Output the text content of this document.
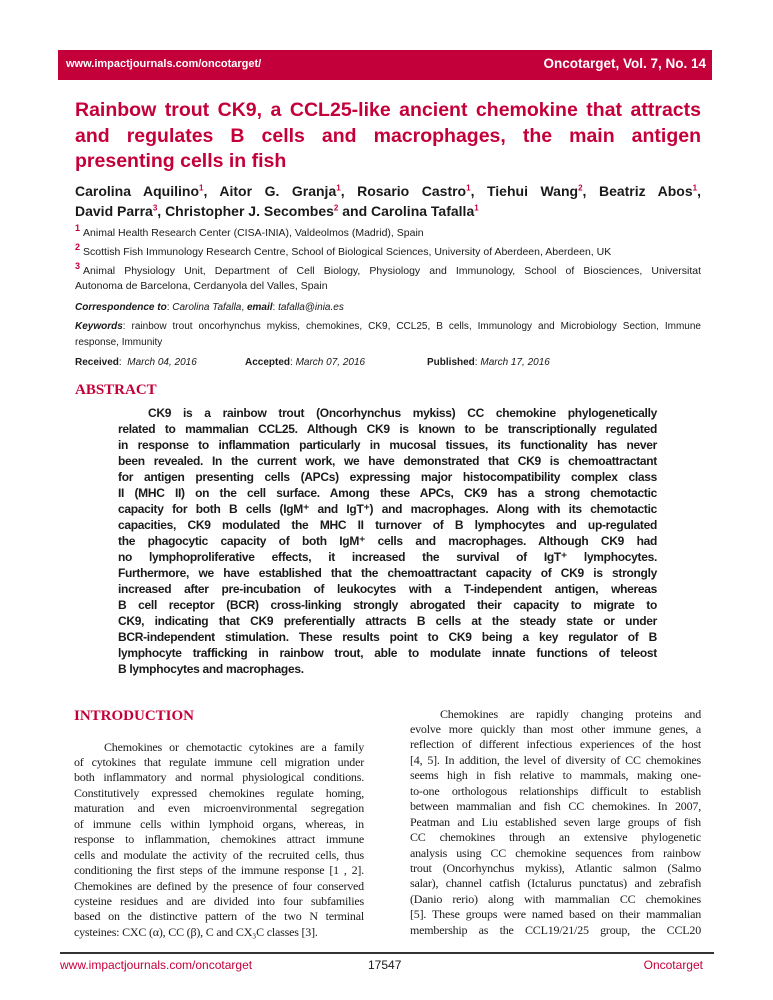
www.impactjournals.com/oncotarget/	Oncotarget, Vol. 7, No. 14
Rainbow trout CK9, a CCL25-like ancient chemokine that attracts
and regulates B cells and macrophages, the main antigen
presenting cells in fish
Carolina Aquilino$^1$, Aitor G. Granja$^1$, Rosario Castro$^1$, Tiehui Wang$^2$, Beatriz Abos$^1$,
David Parra$^3$, Christopher J. Secombes$^2$ and Carolina Tafalla$^1$
$^1$ Animal Health Research Center (CISA-INIA), Valdeolmos (Madrid), Spain
$^2$ Scottish Fish Immunology Research Centre, School of Biological Sciences, University of Aberdeen, Aberdeen, UK
$^3$ Animal Physiology Unit, Department of Cell Biology, Physiology and Immunology, School of Biosciences, Universitat
Autonoma de Barcelona, Cerdanyola del Valles, Spain
Correspondence to: Carolina Tafalla, email: tafalla@inia.es
Keywords: rainbow trout oncorhynchus mykiss, chemokines, CK9, CCL25, B cells, Immunology and Microbiology Section, Immune
response, Immunity
Received:  March 04, 2016	Accepted: March 07, 2016	Published: March 17, 2016
ABSTRACT
CK9 is a rainbow trout (Oncorhynchus mykiss) CC chemokine phylogenetically
related to mammalian CCL25. Although CK9 is known to be transcriptionally regulated
in response to inflammation particularly in mucosal tissues, its functionality has never
been revealed. In the current work, we have demonstrated that CK9 is chemoattractant
for antigen presenting cells (APCs) expressing major histocompatibility complex class
II (MHC II) on the cell surface. Among these APCs, CK9 has a strong chemotactic
capacity for both B cells (IgM⁺ and IgT⁺) and macrophages. Along with its chemotactic
capacities, CK9 modulated the MHC II turnover of B lymphocytes and up-regulated
the phagocytic capacity of both IgM⁺ cells and macrophages. Although CK9 had
no lymphoproliferative effects, it increased the survival of IgT⁺ lymphocytes.
Furthermore, we have established that the chemoattractant capacity of CK9 is strongly
increased after pre-incubation of leukocytes with a T-independent antigen, whereas
B cell receptor (BCR) cross-linking strongly abrogated their capacity to migrate to
CK9, indicating that CK9 preferentially attracts B cells at the steady state or under
BCR-independent stimulation. These results point to CK9 being a key regulator of B
lymphocyte trafficking in rainbow trout, able to modulate innate functions of teleost
B lymphocytes and macrophages.
INTRODUCTION
Chemokines or chemotactic cytokines are a family
of cytokines that regulate immune cell migration under
both inflammatory and normal physiological conditions.
Constitutively expressed chemokines regulate homing,
maturation and even microenvironmental segregation
of immune cells within lymphoid organs, whereas, in
response to inflammation, chemokines attract immune
cells and modulate the activity of the recruited cells, thus
conditioning the first steps of the immune response [1 , 2].
Chemokines are defined by the presence of four conserved
cysteine residues and are divided into four subfamilies
based on the distinctive pattern of the two N terminal
cysteines: CXC (α), CC (β), C and CX₃C classes [3].
Chemokines are rapidly changing proteins and
evolve more quickly than most other immune genes, a
reflection of different infectious experiences of the host
[4, 5]. In addition, the level of diversity of CC chemokines
seems high in fish relative to mammals, making one-
to-one orthologous relationships difficult to establish
between mammalian and fish CC chemokines. In 2007,
Peatman and Liu established seven large groups of fish
CC chemokines through an extensive phylogenetic
analysis using CC chemokine sequences from rainbow
trout (Oncorhynchus mykiss), Atlantic salmon (Salmo
salar), channel catfish (Ictalurus punctatus) and zebrafish
(Danio rerio) along with mammalian CC chemokines
[5]. These groups were named based on their mammalian
membership as the CCL19/21/25 group, the CCL20
www.impactjournals.com/oncotarget	17547	Oncotarget
